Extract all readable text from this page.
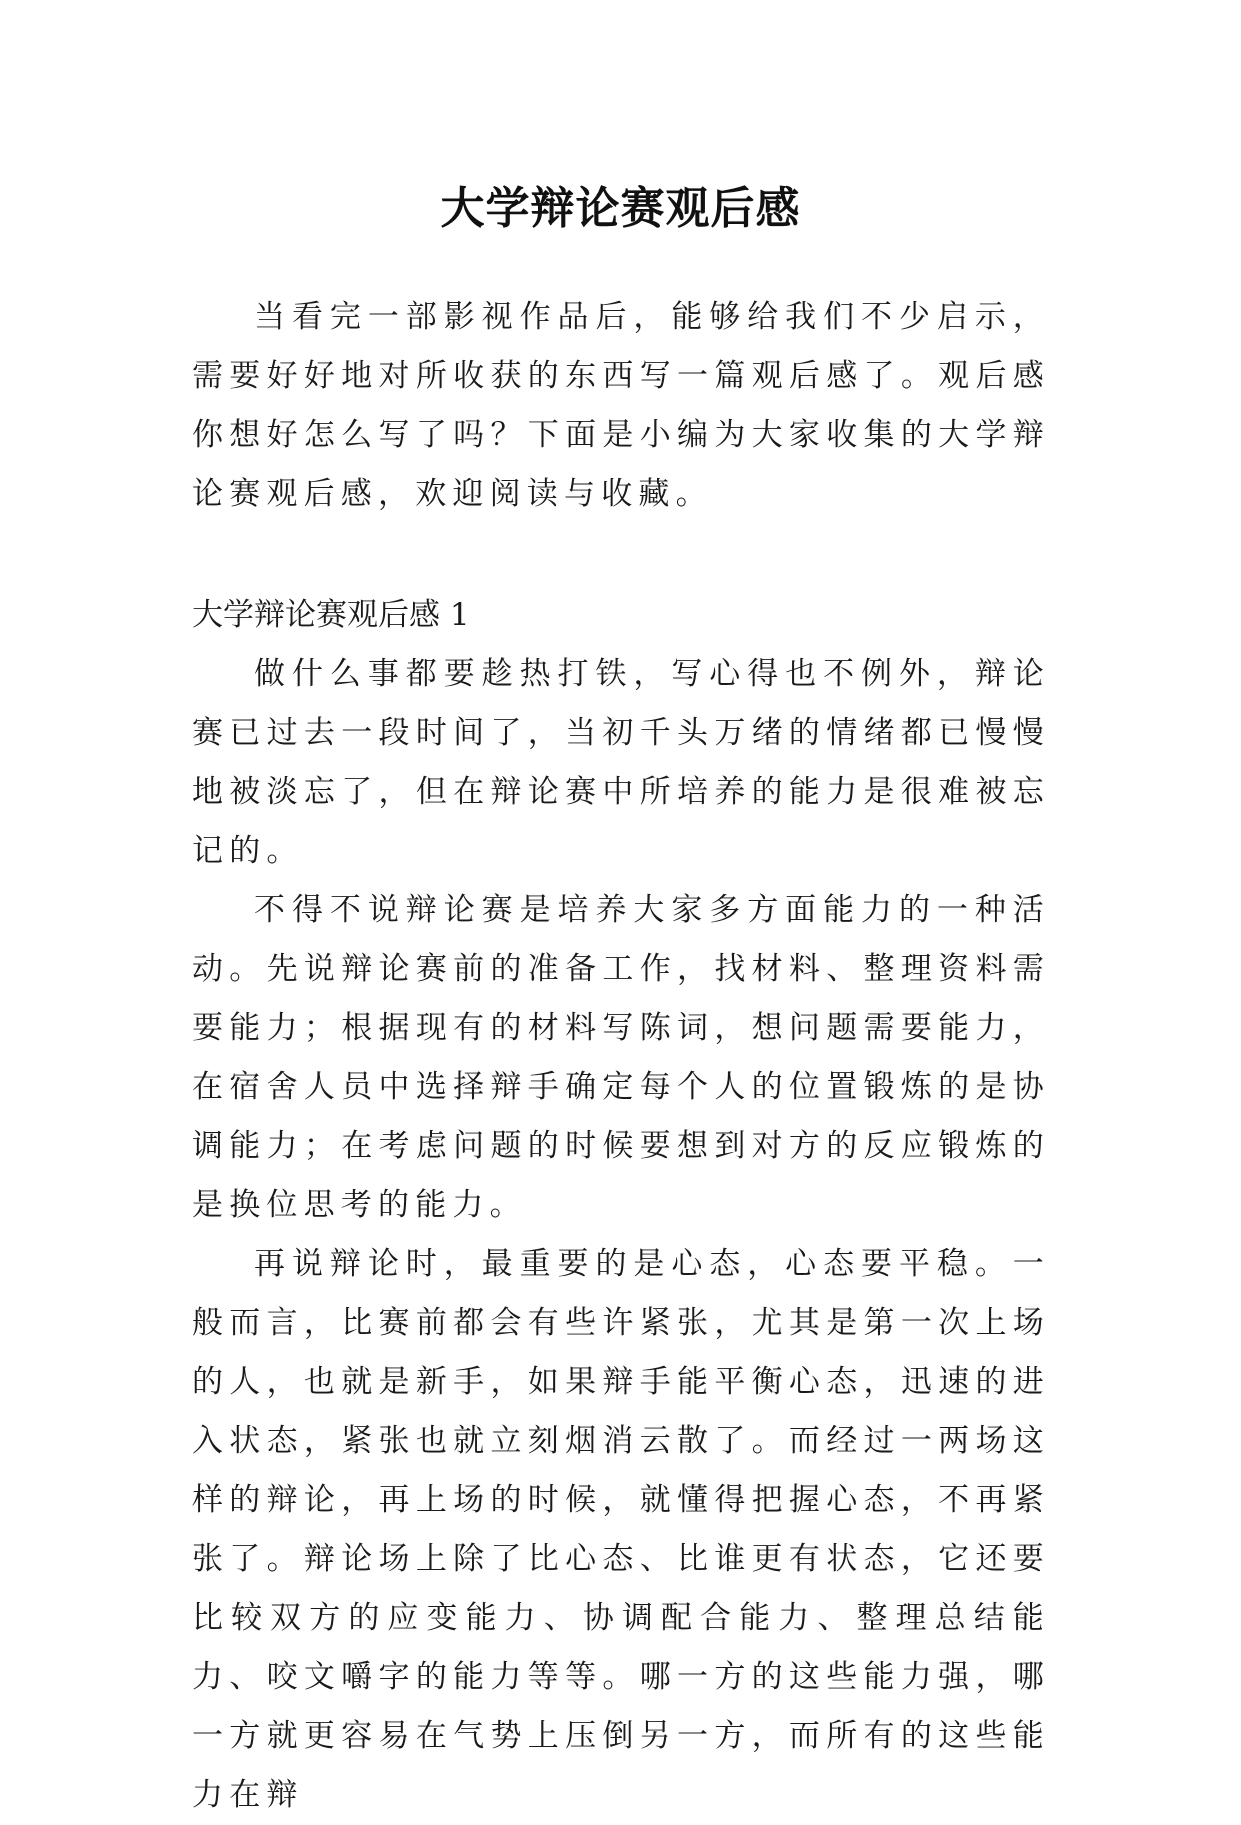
大学辩论赛观后感

当看完一部影视作品后，能够给我们不少启示，需要好好地对所收获的东西写一篇观后感了。观后感你想好怎么写了吗？下面是小编为大家收集的大学辩论赛观后感，欢迎阅读与收藏。

大学辩论赛观后感 1

做什么事都要趁热打铁，写心得也不例外，辩论赛已过去一段时间了，当初千头万绪的情绪都已慢慢地被淡忘了，但在辩论赛中所培养的能力是很难被忘记的。

不得不说辩论赛是培养大家多方面能力的一种活动。先说辩论赛前的准备工作，找材料、整理资料需要能力；根据现有的材料写陈词，想问题需要能力，在宿舍人员中选择辩手确定每个人的位置锻炼的是协调能力；在考虑问题的时候要想到对方的反应锻炼的是换位思考的能力。

再说辩论时，最重要的是心态，心态要平稳。一般而言，比赛前都会有些许紧张，尤其是第一次上场的人，也就是新手，如果辩手能平衡心态，迅速的进入状态，紧张也就立刻烟消云散了。而经过一两场这样的辩论，再上场的时候，就懂得把握心态，不再紧张了。辩论场上除了比心态、比谁更有状态，它还要比较双方的应变能力、协调配合能力、整理总结能力、咬文嚼字的能力等等。哪一方的这些能力强，哪一方就更容易在气势上压倒另一方，而所有的这些能力在辩
